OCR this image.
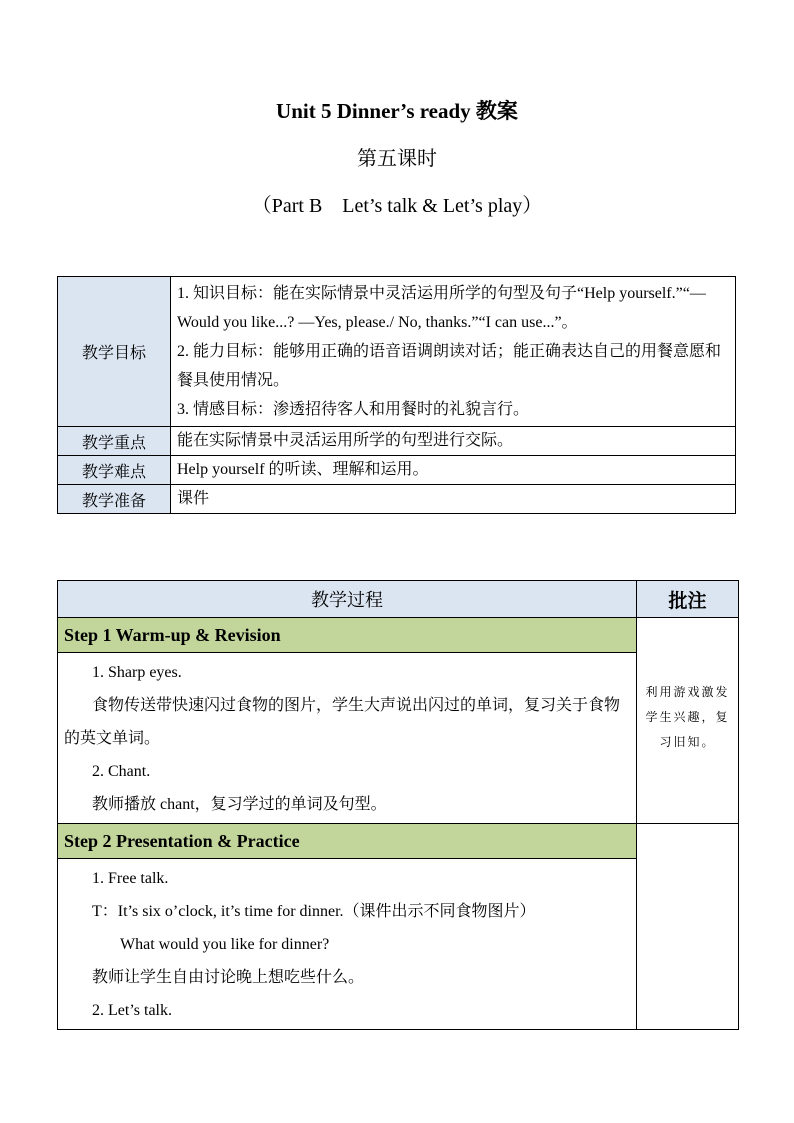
Unit 5 Dinner’s ready 教案
第五课时
（Part B　Let’s talk & Let’s play）
教学目标	1. 知识目标：能在实际情景中灵活运用所学的句型及句子“Help yourself.”“—Would you like...? —Yes, please./ No, thanks.”“I can use...”。
2. 能力目标：能够用正确的语音语调朗读对话；能正确表达自己的用餐意愿和餐具使用情况。
3. 情感目标：渗透招待客人和用餐时的礼貌言行。

教学重点	能在实际情景中灵活运用所学的句型进行交际。
教学难点	Help yourself 的听读、理解和运用。
教学准备	课件
教学过程	批注
Step 1 Warm-up & Revision	利用游戏激发学生兴趣，复习旧知。

1. Sharp eyes.

食物传送带快速闪过食物的图片，学生大声说出闪过的单词，复习关于食物的英文单词。

2. Chant.

教师播放 chant，复习学过的单词及句型。	

Step 2 Presentation & Practice	

1. Free talk.

T：It’s six o’clock, it’s time for dinner.（课件出示不同食物图片）

What would you like for dinner?

教师让学生自由讨论晚上想吃些什么。

2. Let’s talk.	
